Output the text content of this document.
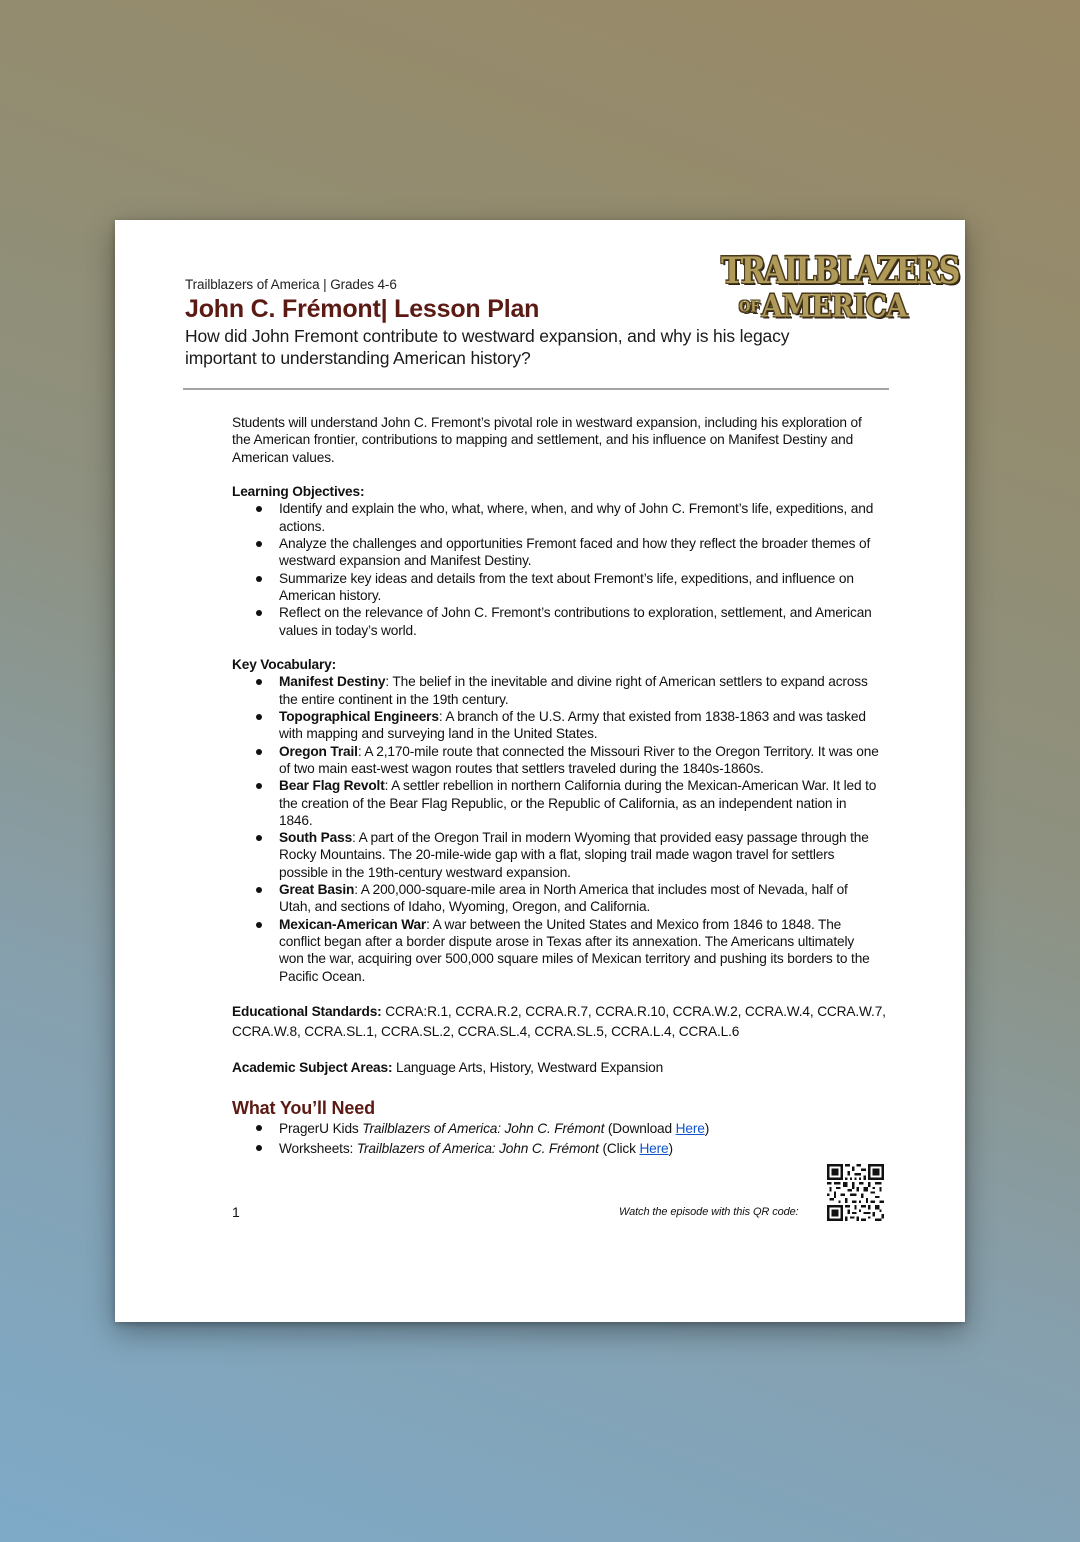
Trailblazers of America | Grades 4-6
John C. Frémont| Lesson Plan
How did John Fremont contribute to westward expansion, and why is his legacy important to understanding American history?
TRAILBLAZERS
OFAMERICA

Students will understand John C. Fremont’s pivotal role in westward expansion, including his exploration of the American frontier, contributions to mapping and settlement, and his influence on Manifest Destiny and American values.

Learning Objectives:
Identify and explain the who, what, where, when, and why of John C. Fremont’s life, expeditions, and actions.
Analyze the challenges and opportunities Fremont faced and how they reflect the broader themes of westward expansion and Manifest Destiny.
Summarize key ideas and details from the text about Fremont’s life, expeditions, and influence on American history.
Reflect on the relevance of John C. Fremont’s contributions to exploration, settlement, and American values in today’s world.
Key Vocabulary:
Manifest Destiny: The belief in the inevitable and divine right of American settlers to expand across the entire continent in the 19th century.
Topographical Engineers: A branch of the U.S. Army that existed from 1838-1863 and was tasked with mapping and surveying land in the United States.
Oregon Trail: A 2,170-mile route that connected the Missouri River to the Oregon Territory. It was one of two main east-west wagon routes that settlers traveled during the 1840s-1860s.
Bear Flag Revolt: A settler rebellion in northern California during the Mexican-American War. It led to the creation of the Bear Flag Republic, or the Republic of California, as an independent nation in 1846.
South Pass: A part of the Oregon Trail in modern Wyoming that provided easy passage through the Rocky Mountains. The 20-mile-wide gap with a flat, sloping trail made wagon travel for settlers possible in the 19th-century westward expansion.
Great Basin: A 200,000-square-mile area in North America that includes most of Nevada, half of Utah, and sections of Idaho, Wyoming, Oregon, and California.
Mexican-American War: A war between the United States and Mexico from 1846 to 1848. The conflict began after a border dispute arose in Texas after its annexation. The Americans ultimately won the war, acquiring over 500,000 square miles of Mexican territory and pushing its borders to the Pacific Ocean.

Educational Standards: CCRA:R.1, CCRA.R.2, CCRA.R.7, CCRA.R.10, CCRA.W.2, CCRA.W.4, CCRA.W.7, CCRA.W.8, CCRA.SL.1, CCRA.SL.2, CCRA.SL.4, CCRA.SL.5, CCRA.L.4, CCRA.L.6

Academic Subject Areas: Language Arts, History, Westward Expansion

What You’ll Need
PragerU Kids Trailblazers of America: John C. Frémont (Download Here)
Worksheets: Trailblazers of America: John C. Frémont (Click Here)
1	Watch the episode with this QR code:
